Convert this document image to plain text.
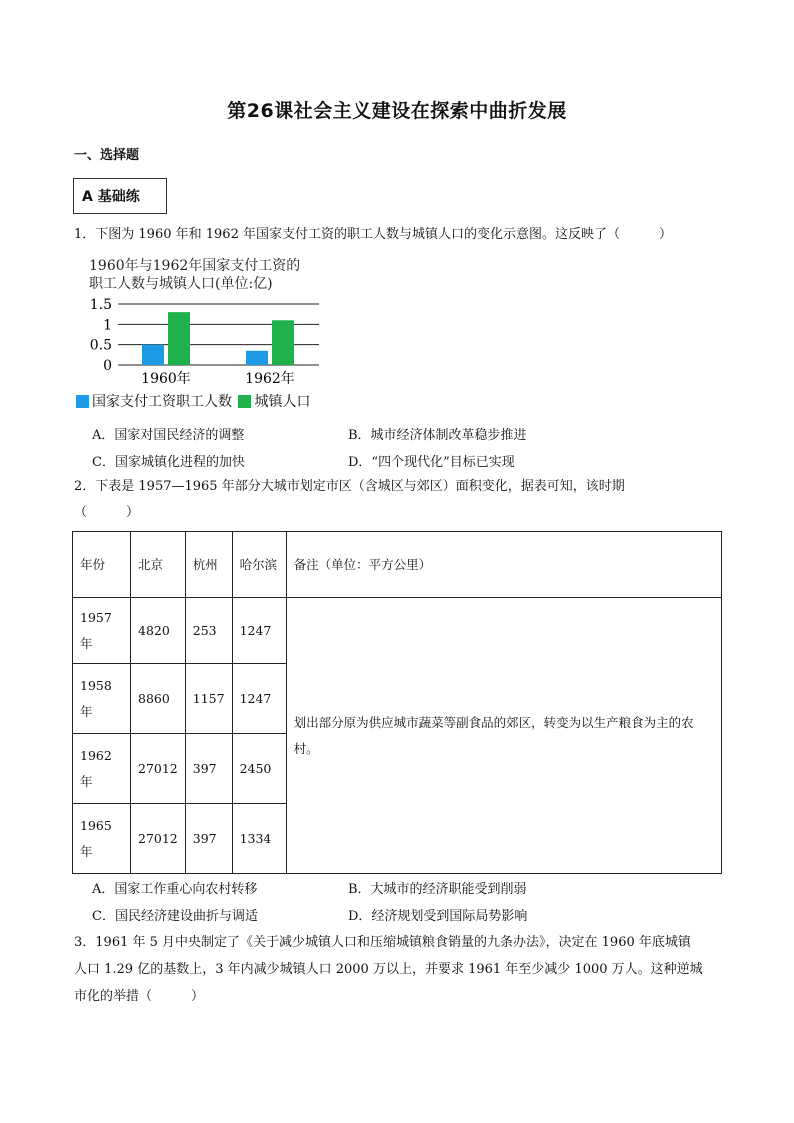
第26课社会主义建设在探索中曲折发展
一、选择题
A 基础练
1．下图为 1960 年和 1962 年国家支付工资的职工人数与城镇人口的变化示意图。这反映了（　　　）
1960年与1962年国家支付工资的
职工人数与城镇人口(单位:亿)
1.5
1
0.5
0
1960年	1962年
国家支付工资职工人数 城镇人口
A．国家对国民经济的调整	B．城市经济体制改革稳步推进
C．国家城镇化进程的加快	D．“四个现代化”目标已实现
2．下表是 1957—1965 年部分大城市划定市区（含城区与郊区）面积变化，据表可知，该时期
（　　　）
年份	北京	杭州	哈尔滨	备注（单位：平方公里）
1957年	4820	253	1247	划出部分原为供应城市蔬菜等副食品的郊区，转变为以生产粮食为主的农村。
1958年	8860	1157	1247	
1962年	27012	397	2450	
1965年	27012	397	1334	
A．国家工作重心向农村转移	B．大城市的经济职能受到削弱
C．国民经济建设曲折与调适	D．经济规划受到国际局势影响
3．1961 年 5 月中央制定了《关于减少城镇人口和压缩城镇粮食销量的九条办法》，决定在 1960 年底城镇
人口 1.29 亿的基数上，3 年内减少城镇人口 2000 万以上，并要求 1961 年至少减少 1000 万人。这种逆城
市化的举措（　　　）
